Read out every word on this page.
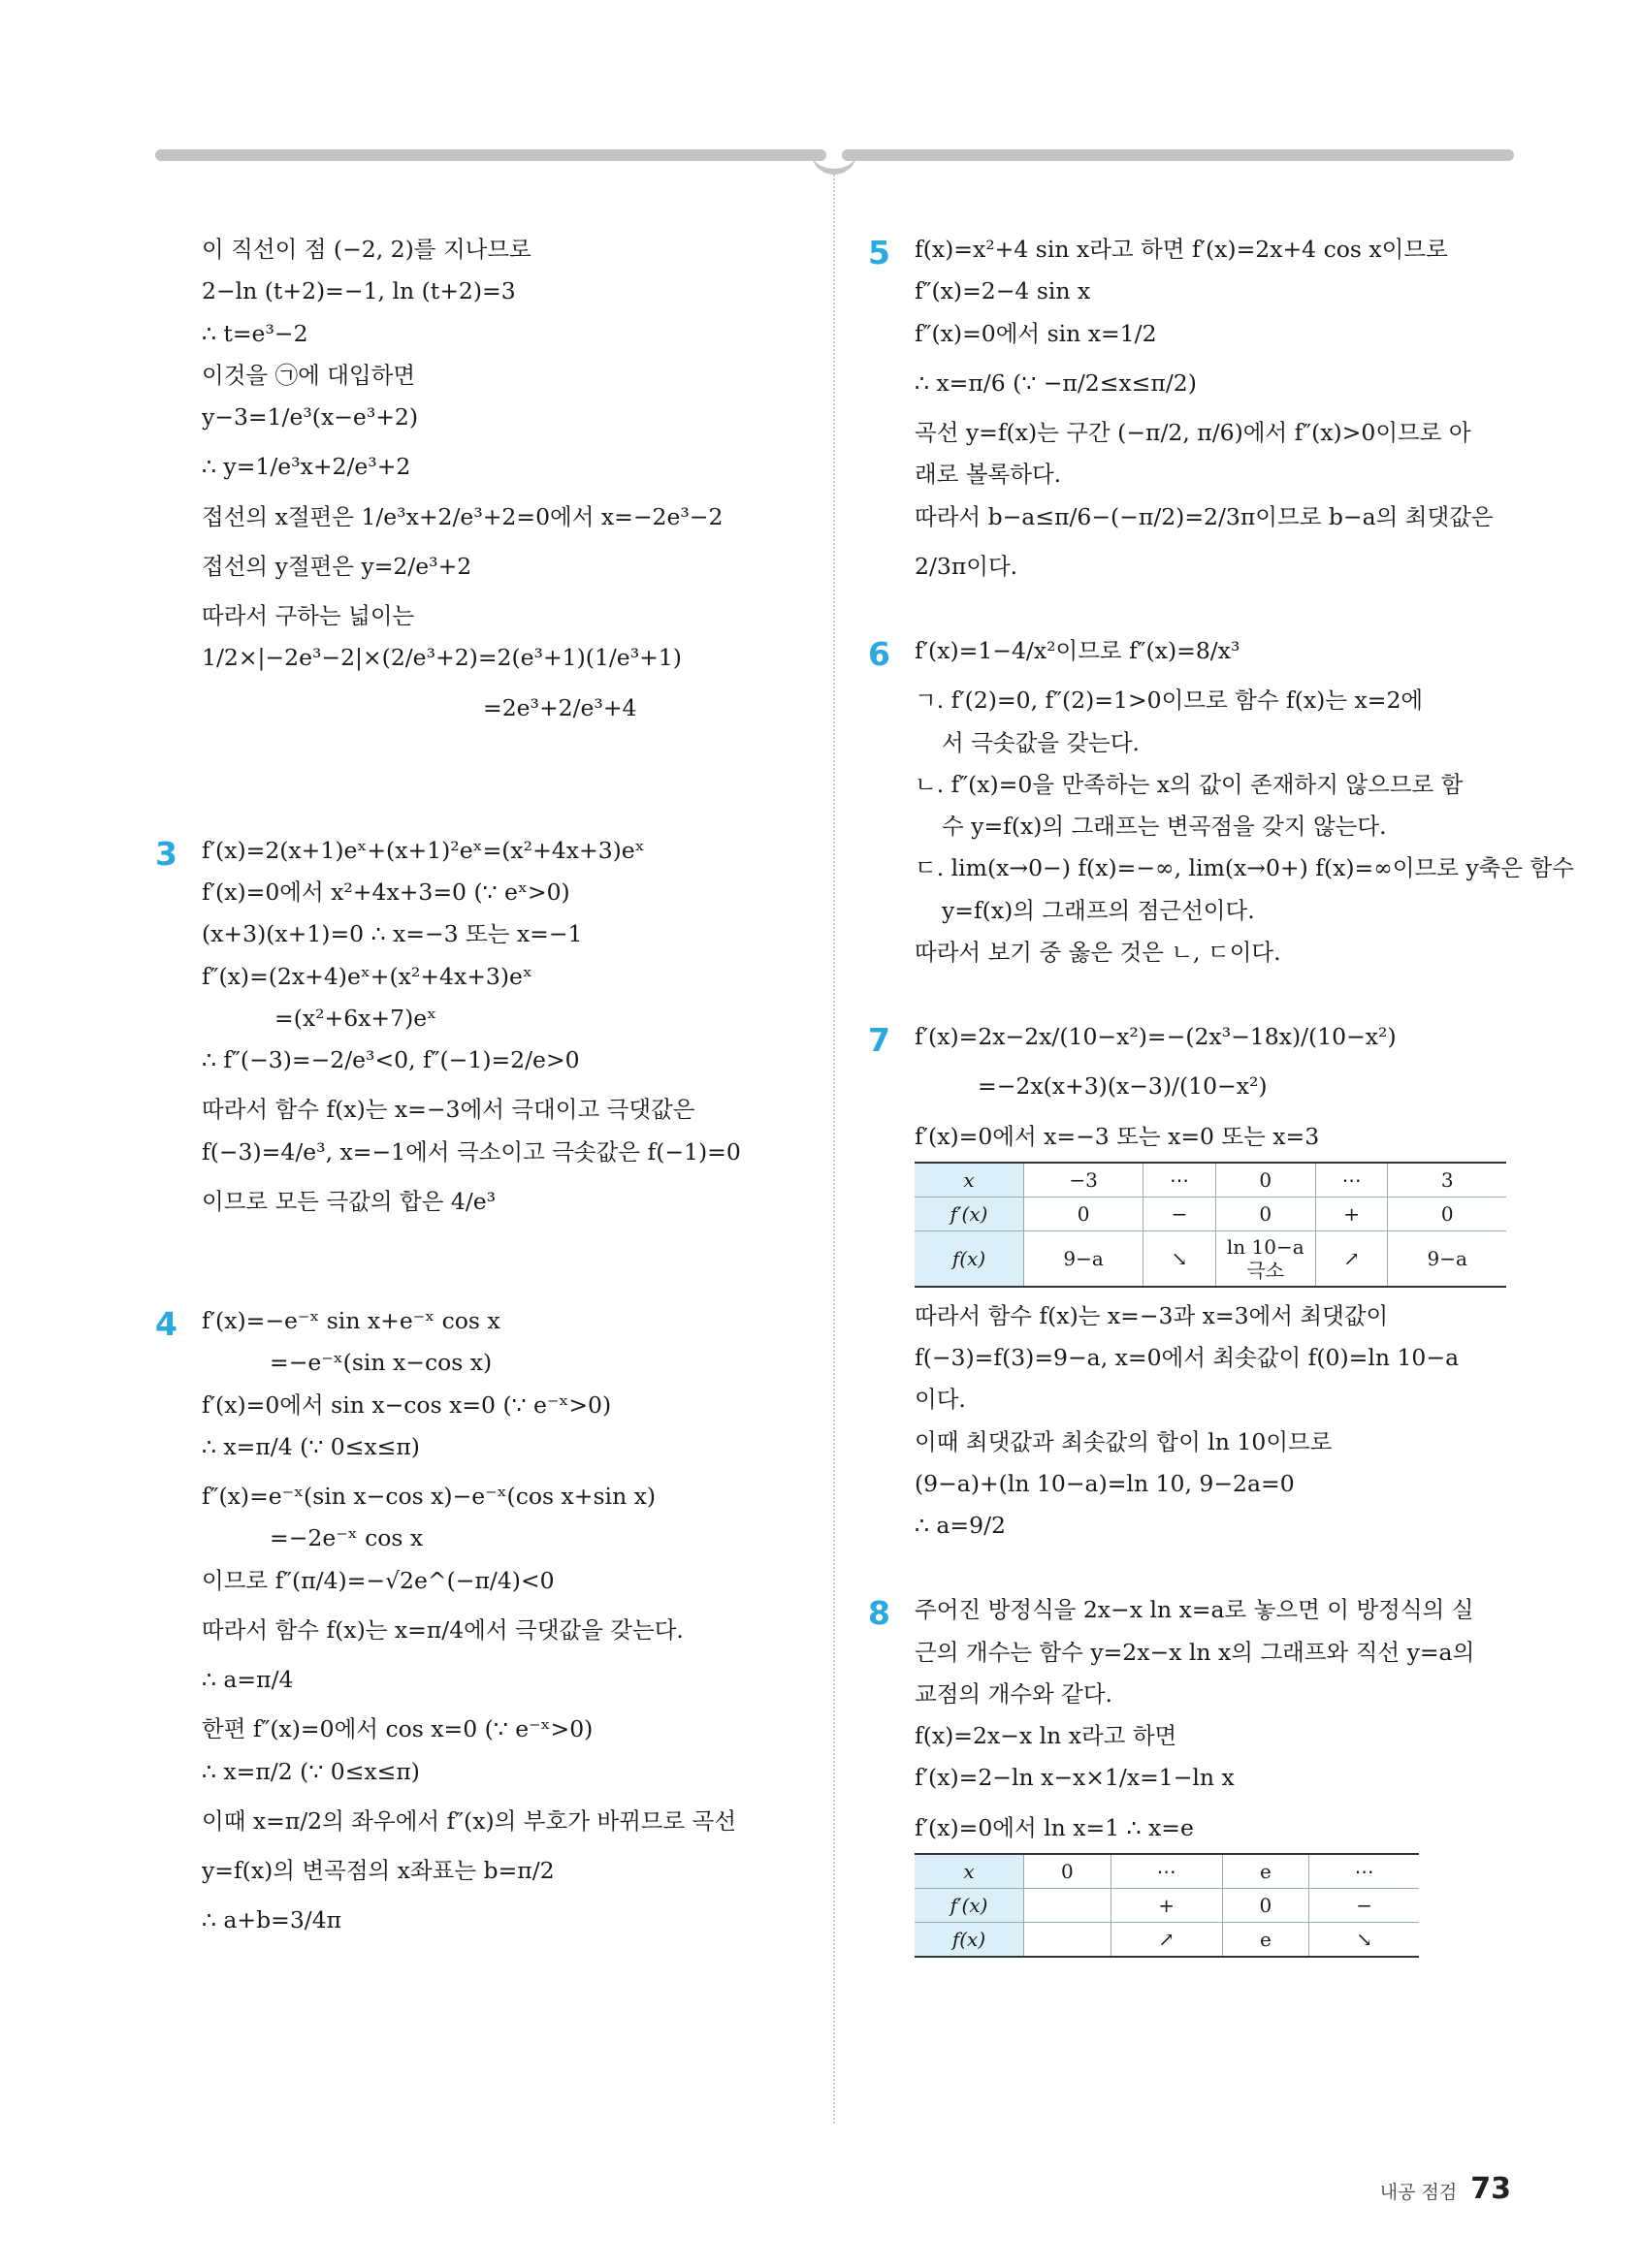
이 직선이 점 (−2, 2)를 지나므로
2−ln (t+2)=−1, ln (t+2)=3
∴ t=e³−2
이것을 ㉠에 대입하면
y−3=1/e³(x−e³+2)
∴ y=1/e³x+2/e³+2
접선의 x절편은 1/e³x+2/e³+2=0에서 x=−2e³−2
접선의 y절편은 y=2/e³+2
따라서 구하는 넓이는
1/2×|−2e³−2|×(2/e³+2)=2(e³+1)(1/e³+1)
=2e³+2/e³+4
3 f′(x)=2(x+1)eˣ+(x+1)²eˣ=(x²+4x+3)eˣ
f′(x)=0에서 x²+4x+3=0 (∵ eˣ>0)
(x+3)(x+1)=0 ∴ x=−3 또는 x=−1
f″(x)=(2x+4)eˣ+(x²+4x+3)eˣ
=(x²+6x+7)eˣ
∴ f″(−3)=−2/e³<0, f″(−1)=2/e>0
따라서 함수 f(x)는 x=−3에서 극대이고 극댓값은
f(−3)=4/e³, x=−1에서 극소이고 극솟값은 f(−1)=0
이므로 모든 극값의 합은 4/e³
4 f′(x)=−e⁻ˣ sin x+e⁻ˣ cos x
=−e⁻ˣ(sin x−cos x)
f′(x)=0에서 sin x−cos x=0 (∵ e⁻ˣ>0)
∴ x=π/4 (∵ 0≤x≤π)
f″(x)=e⁻ˣ(sin x−cos x)−e⁻ˣ(cos x+sin x)
=−2e⁻ˣ cos x
이므로 f″(π/4)=−√2e^(−π/4)<0
따라서 함수 f(x)는 x=π/4에서 극댓값을 갖는다.
∴ a=π/4
한편 f″(x)=0에서 cos x=0 (∵ e⁻ˣ>0)
∴ x=π/2 (∵ 0≤x≤π)
이때 x=π/2의 좌우에서 f″(x)의 부호가 바뀌므로 곡선
y=f(x)의 변곡점의 x좌표는 b=π/2
∴ a+b=3/4π
5 f(x)=x²+4 sin x라고 하면 f′(x)=2x+4 cos x이므로
f″(x)=2−4 sin x
f″(x)=0에서 sin x=1/2
∴ x=π/6 (∵ −π/2≤x≤π/2)
곡선 y=f(x)는 구간 (−π/2, π/6)에서 f″(x)>0이므로 아
래로 볼록하다.
따라서 b−a≤π/6−(−π/2)=2/3π이므로 b−a의 최댓값은
2/3π이다.
6 f′(x)=1−4/x²이므로 f″(x)=8/x³
ㄱ. f′(2)=0, f″(2)=1>0이므로 함수 f(x)는 x=2에
서 극솟값을 갖는다.
ㄴ. f″(x)=0을 만족하는 x의 값이 존재하지 않으므로 함
수 y=f(x)의 그래프는 변곡점을 갖지 않는다.
ㄷ. lim(x→0−) f(x)=−∞, lim(x→0+) f(x)=∞이므로 y축은 함수
y=f(x)의 그래프의 점근선이다.
따라서 보기 중 옳은 것은 ㄴ, ㄷ이다.
7 f′(x)=2x−2x/(10−x²)=−(2x³−18x)/(10−x²)
=−2x(x+3)(x−3)/(10−x²)
f′(x)=0에서 x=−3 또는 x=0 또는 x=3
x	−3	⋯	0	⋯	3
f′(x)	0	−	0	+	0
f(x)	9−a	↘	ln 10−a 극소	↗	9−a
따라서 함수 f(x)는 x=−3과 x=3에서 최댓값이
f(−3)=f(3)=9−a, x=0에서 최솟값이 f(0)=ln 10−a
이다.
이때 최댓값과 최솟값의 합이 ln 10이므로
(9−a)+(ln 10−a)=ln 10, 9−2a=0
∴ a=9/2
8 주어진 방정식을 2x−x ln x=a로 놓으면 이 방정식의 실
근의 개수는 함수 y=2x−x ln x의 그래프와 직선 y=a의
교점의 개수와 같다.
f(x)=2x−x ln x라고 하면
f′(x)=2−ln x−x×1/x=1−ln x
f′(x)=0에서 ln x=1 ∴ x=e
x	0	⋯	e	⋯
f′(x)		+	0	−
f(x)		↗	e	↘
내공 점검 73
